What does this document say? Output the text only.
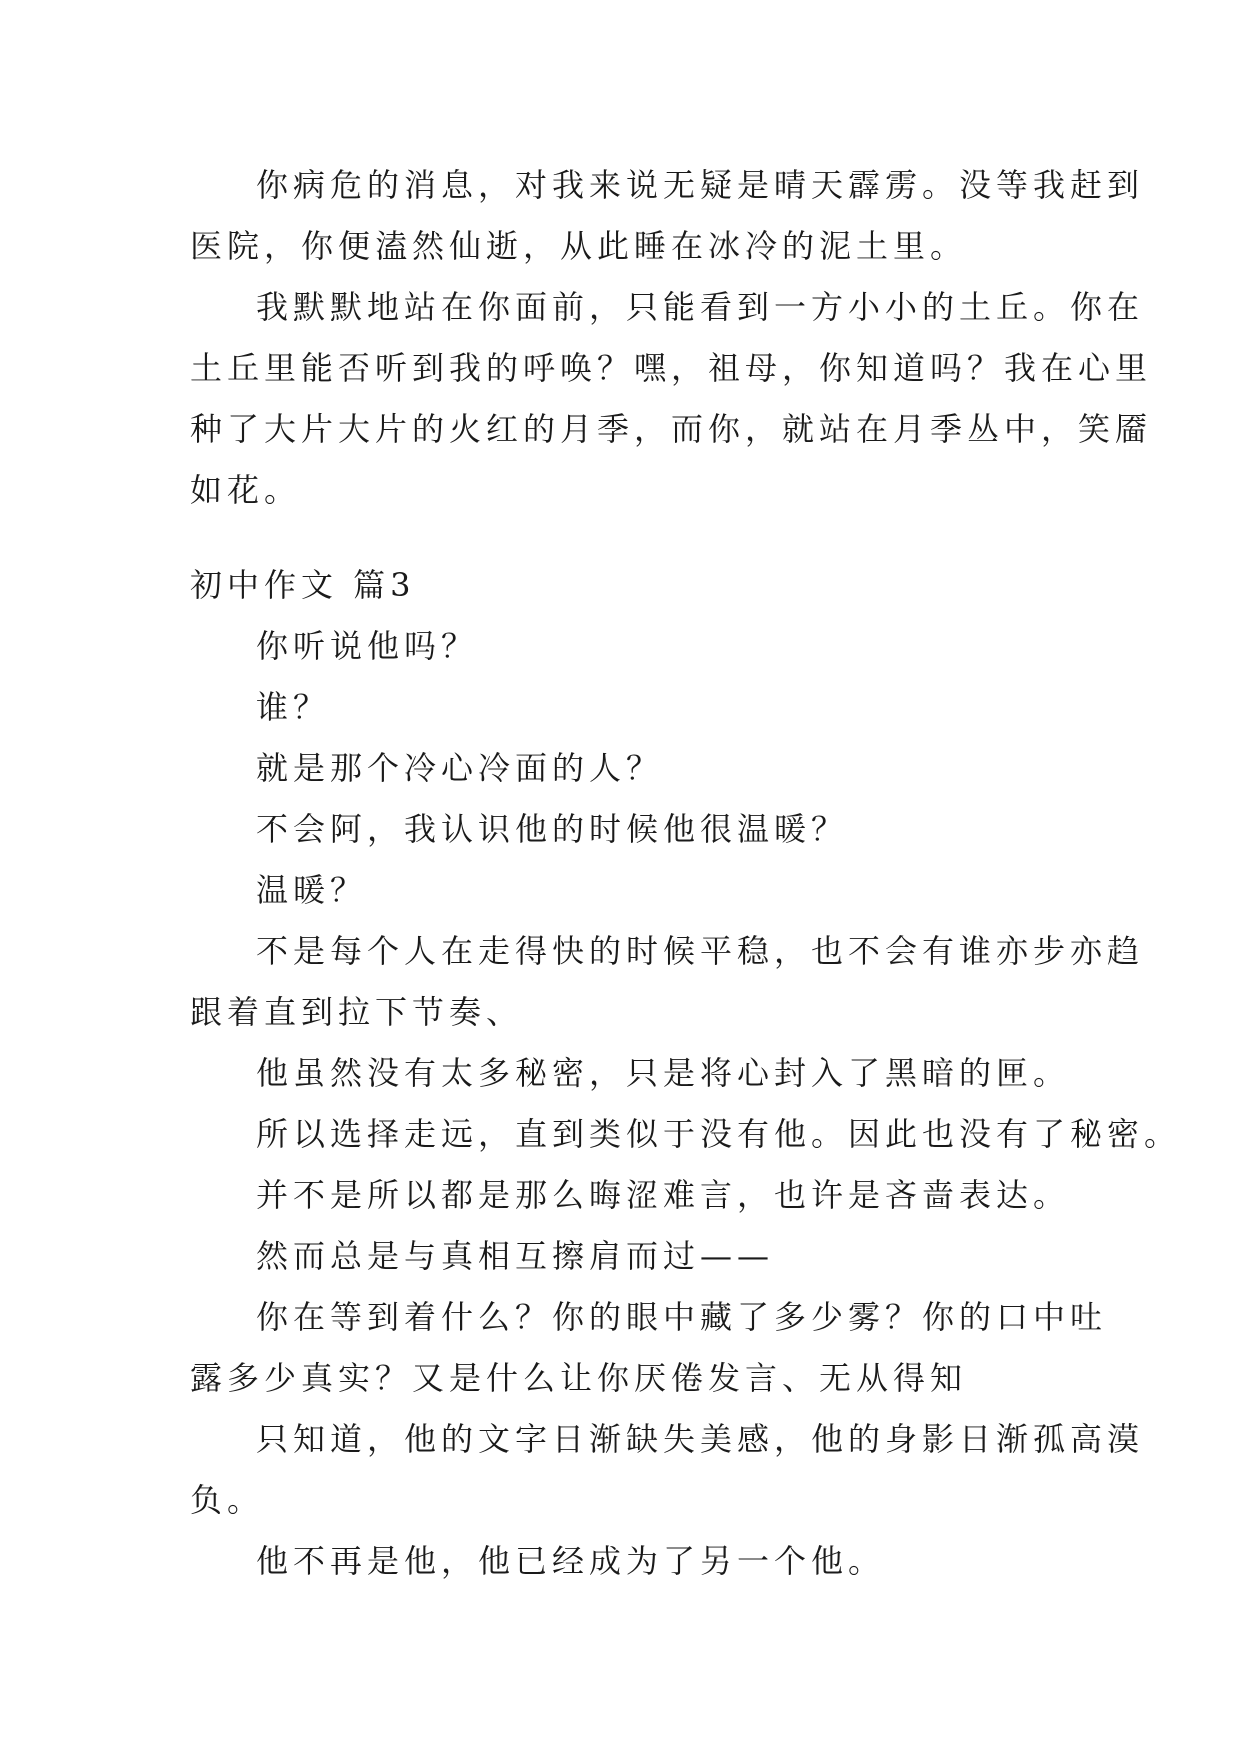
你病危的消息，对我来说无疑是晴天霹雳。没等我赶到
医院，你便溘然仙逝，从此睡在冰冷的泥土里。
我默默地站在你面前，只能看到一方小小的土丘。你在
土丘里能否听到我的呼唤？嘿，祖母，你知道吗？我在心里
种了大片大片的火红的月季，而你，就站在月季丛中，笑靥
如花。
初中作文 篇3
你听说他吗？
谁？
就是那个冷心冷面的人？
不会阿，我认识他的时候他很温暖？
温暖？
不是每个人在走得快的时候平稳，也不会有谁亦步亦趋
跟着直到拉下节奏、
他虽然没有太多秘密，只是将心封入了黑暗的匣。
所以选择走远，直到类似于没有他。因此也没有了秘密。
并不是所以都是那么晦涩难言，也许是吝啬表达。
然而总是与真相互擦肩而过——
你在等到着什么？你的眼中藏了多少雾？你的口中吐
露多少真实？又是什么让你厌倦发言、无从得知
只知道，他的文字日渐缺失美感，他的身影日渐孤高漠
负。
他不再是他，他已经成为了另一个他。
